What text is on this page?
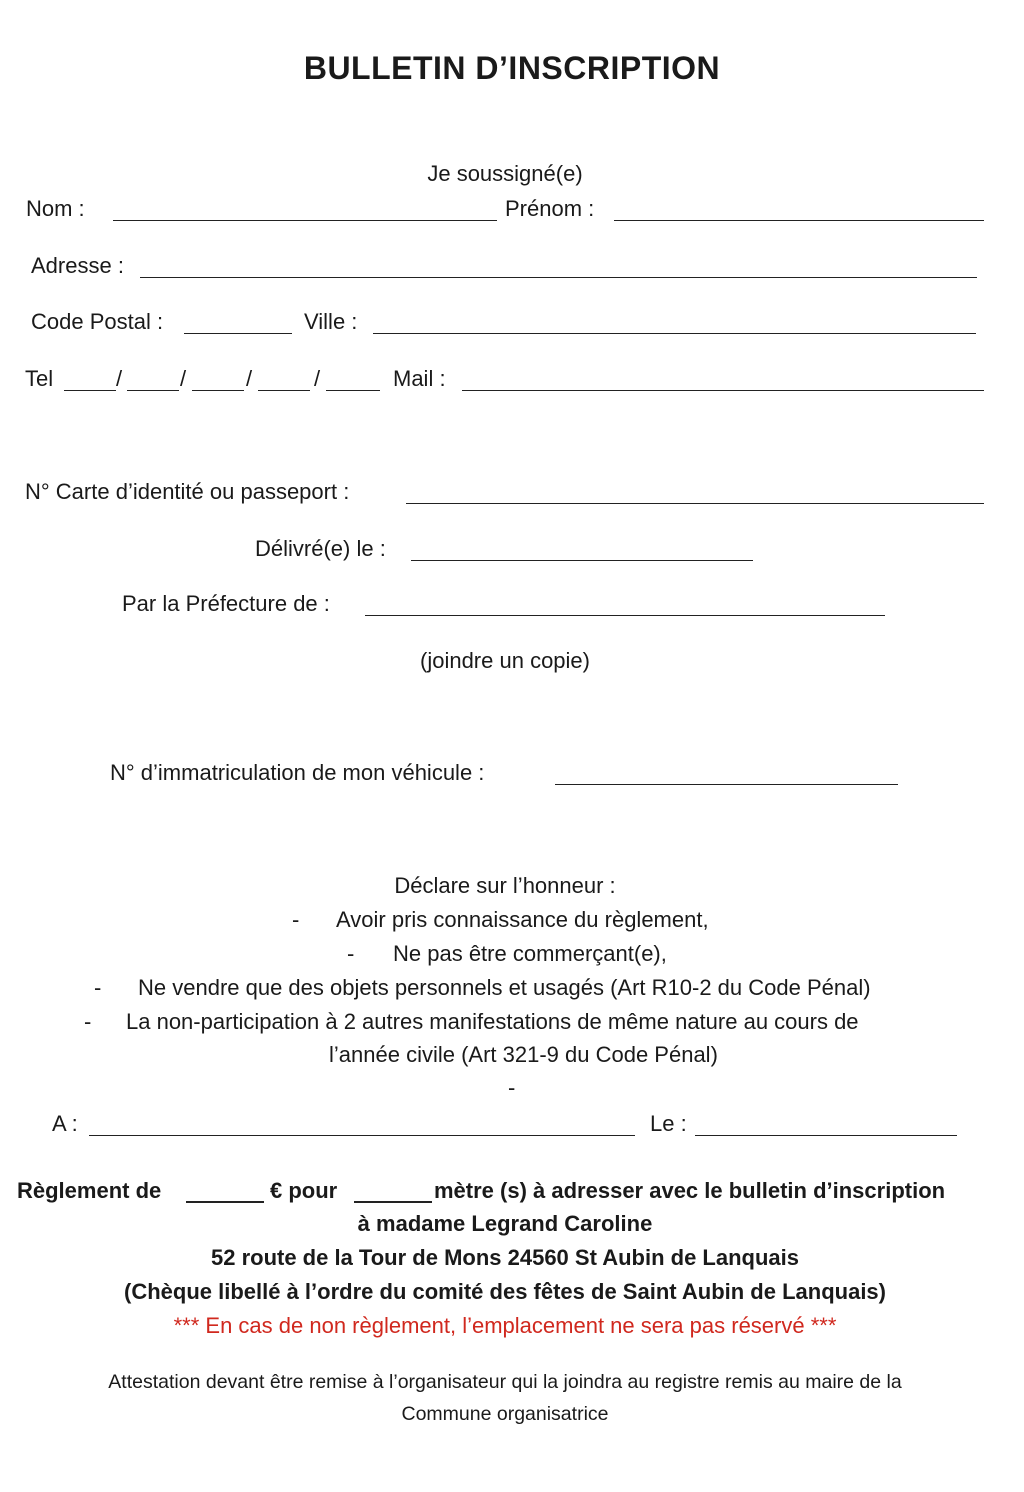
BULLETIN D’INSCRIPTION
Je soussigné(e)
Nom :	Prénom :
Adresse :
Code Postal :	Ville :
Tel	/	/	/	/	Mail :
N° Carte d’identité ou passeport :
Délivré(e) le :
Par la Préfecture de :
(joindre un copie)
N° d’immatriculation de mon véhicule :
Déclare sur l’honneur :
- Avoir pris connaissance du règlement,
- Ne pas être commerçant(e),
- Ne vendre que des objets personnels et usagés (Art R10-2 du Code Pénal)
- La non-participation à 2 autres manifestations de même nature au cours de
l’année civile (Art 321-9 du Code Pénal)
-
A :	Le :
Règlement de	€ pour	mètre (s) à adresser avec le bulletin d’inscription
à madame Legrand Caroline
52 route de la Tour de Mons 24560 St Aubin de Lanquais
(Chèque libellé à l’ordre du comité des fêtes de Saint Aubin de Lanquais)
*** En cas de non règlement, l’emplacement ne sera pas réservé ***
Attestation devant être remise à l’organisateur qui la joindra au registre remis au maire de la
Commune organisatrice
